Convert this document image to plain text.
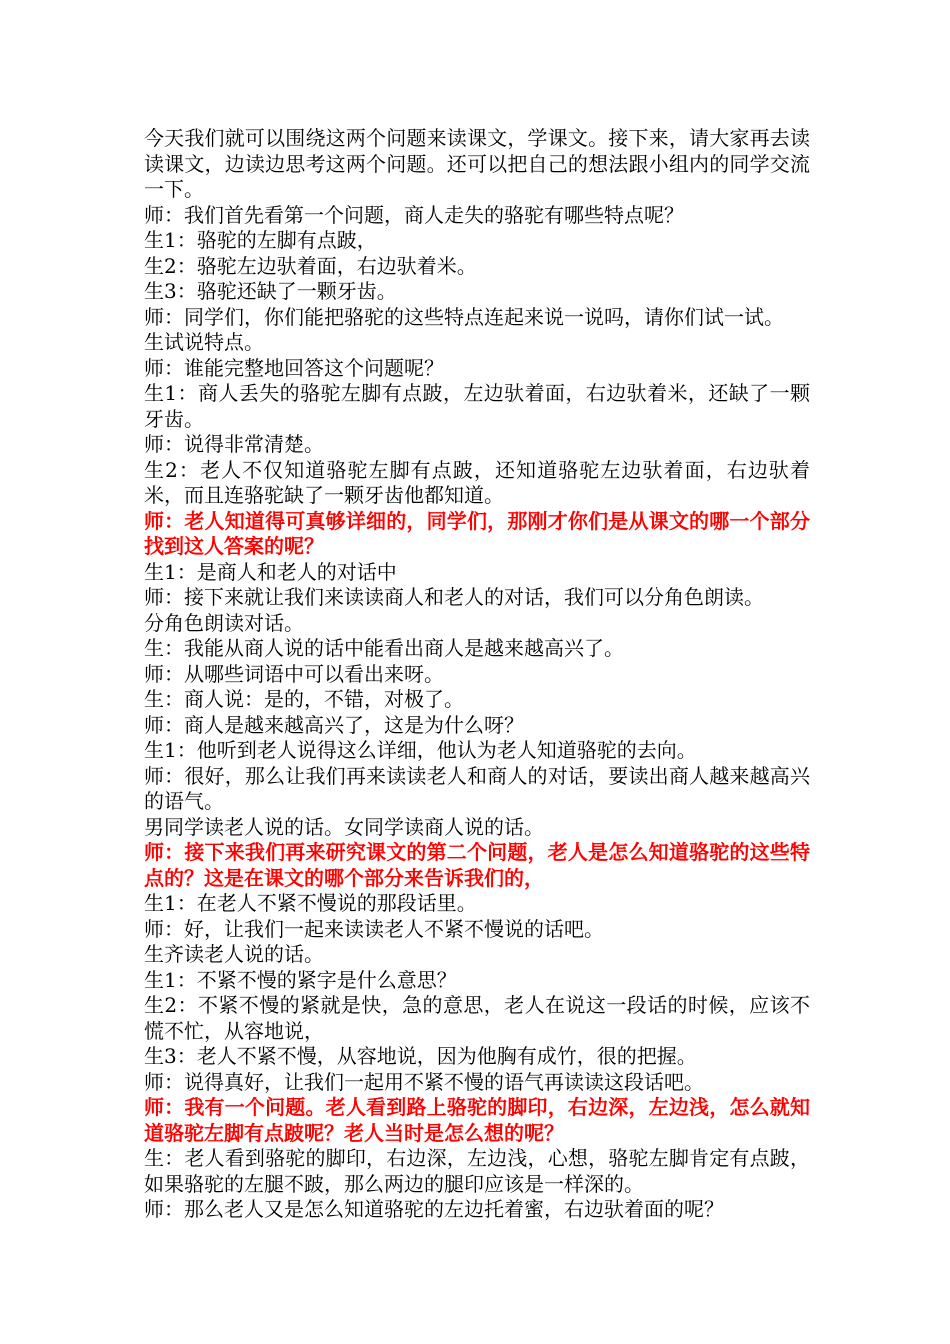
今天我们就可以围绕这两个问题来读课文，学课文。接下来，请大家再去读读课文，边读边思考这两个问题。还可以把自己的想法跟小组内的同学交流一下。

师：我们首先看第一个问题，商人走失的骆驼有哪些特点呢？

生1：骆驼的左脚有点跛，

生2：骆驼左边驮着面，右边驮着米。

生3：骆驼还缺了一颗牙齿。

师：同学们，你们能把骆驼的这些特点连起来说一说吗，请你们试一试。

生试说特点。

师：谁能完整地回答这个问题呢？

生1：商人丢失的骆驼左脚有点跛，左边驮着面，右边驮着米，还缺了一颗牙齿。

师：说得非常清楚。

生2：老人不仅知道骆驼左脚有点跛，还知道骆驼左边驮着面，右边驮着米，而且连骆驼缺了一颗牙齿他都知道。

师：老人知道得可真够详细的，同学们，那刚才你们是从课文的哪一个部分找到这人答案的呢？

生1：是商人和老人的对话中

师：接下来就让我们来读读商人和老人的对话，我们可以分角色朗读。

分角色朗读对话。

生：我能从商人说的话中能看出商人是越来越高兴了。

师：从哪些词语中可以看出来呀。

生：商人说：是的，不错，对极了。

师：商人是越来越高兴了，这是为什么呀？

生1：他听到老人说得这么详细，他认为老人知道骆驼的去向。

师：很好，那么让我们再来读读老人和商人的对话，要读出商人越来越高兴的语气。

男同学读老人说的话。女同学读商人说的话。

师：接下来我们再来研究课文的第二个问题，老人是怎么知道骆驼的这些特点的？这是在课文的哪个部分来告诉我们的，

生1：在老人不紧不慢说的那段话里。

师：好，让我们一起来读读老人不紧不慢说的话吧。

生齐读老人说的话。

生1：不紧不慢的紧字是什么意思？

生2：不紧不慢的紧就是快，急的意思，老人在说这一段话的时候，应该不慌不忙，从容地说，

生3：老人不紧不慢，从容地说，因为他胸有成竹，很的把握。

师：说得真好，让我们一起用不紧不慢的语气再读读这段话吧。

师：我有一个问题。老人看到路上骆驼的脚印，右边深，左边浅，怎么就知道骆驼左脚有点跛呢？老人当时是怎么想的呢？

生：老人看到骆驼的脚印，右边深，左边浅，心想，骆驼左脚肯定有点跛，如果骆驼的左腿不跛，那么两边的腿印应该是一样深的。

师：那么老人又是怎么知道骆驼的左边托着蜜，右边驮着面的呢？
